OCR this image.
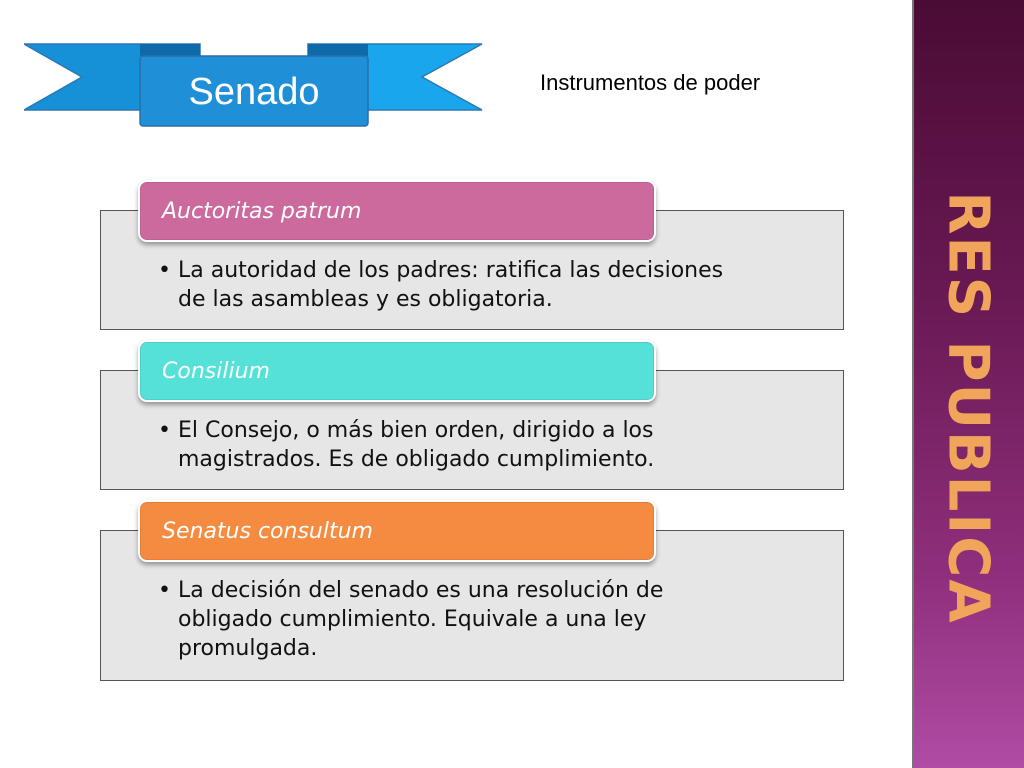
Senado	Instrumentos de poder
Auctoritas patrum
• La autoridad de los padres: ratifica las decisiones
de las asambleas y es obligatoria.
Consilium
• El Consejo, o más bien orden, dirigido a los
magistrados. Es de obligado cumplimiento.
Senatus consultum
• La decisión del senado es una resolución de
obligado cumplimiento. Equivale a una ley
promulgada.
RES PUBLICA
